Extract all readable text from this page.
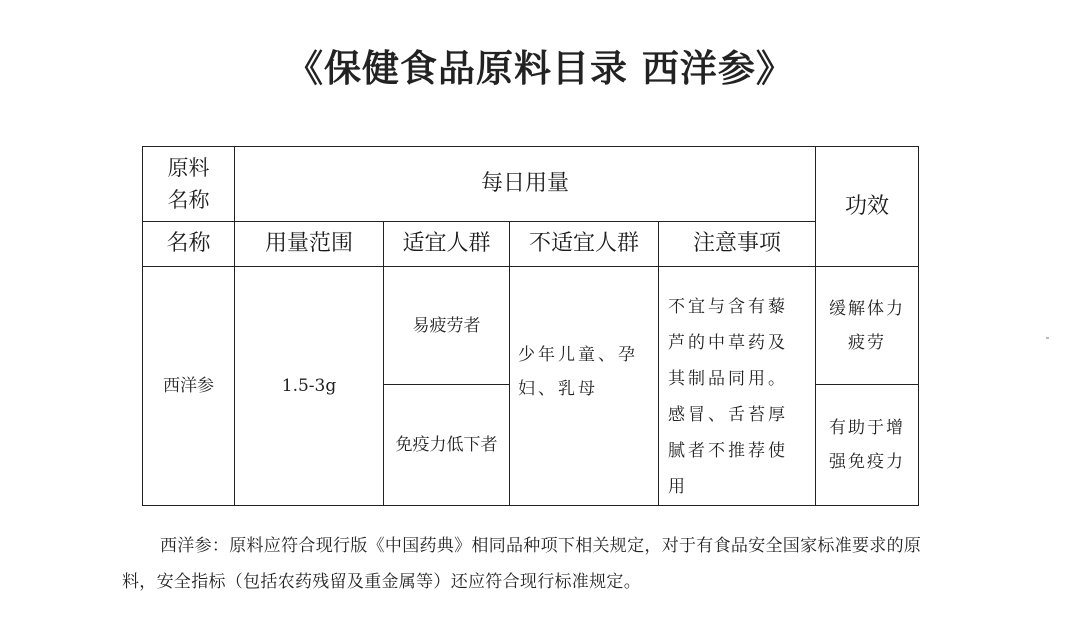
《保健食品原料目录 西洋参》
原料名称	每日用量				功效
名称	用量范围	适宜人群	不适宜人群	注意事项	
西洋参	1.5-3g	易疲劳者	少年儿童、孕妇、乳母	不宜与含有藜芦的中草药及其制品同用。感冒、舌苔厚腻者不推荐使用	缓解体力疲劳

		免疫力低下者			有助于增强免疫力
西洋参：原料应符合现行版《中国药典》相同品种项下相关规定，对于有食品安全国家标准要求的原料，安全指标（包括农药残留及重金属等）还应符合现行标准规定。
